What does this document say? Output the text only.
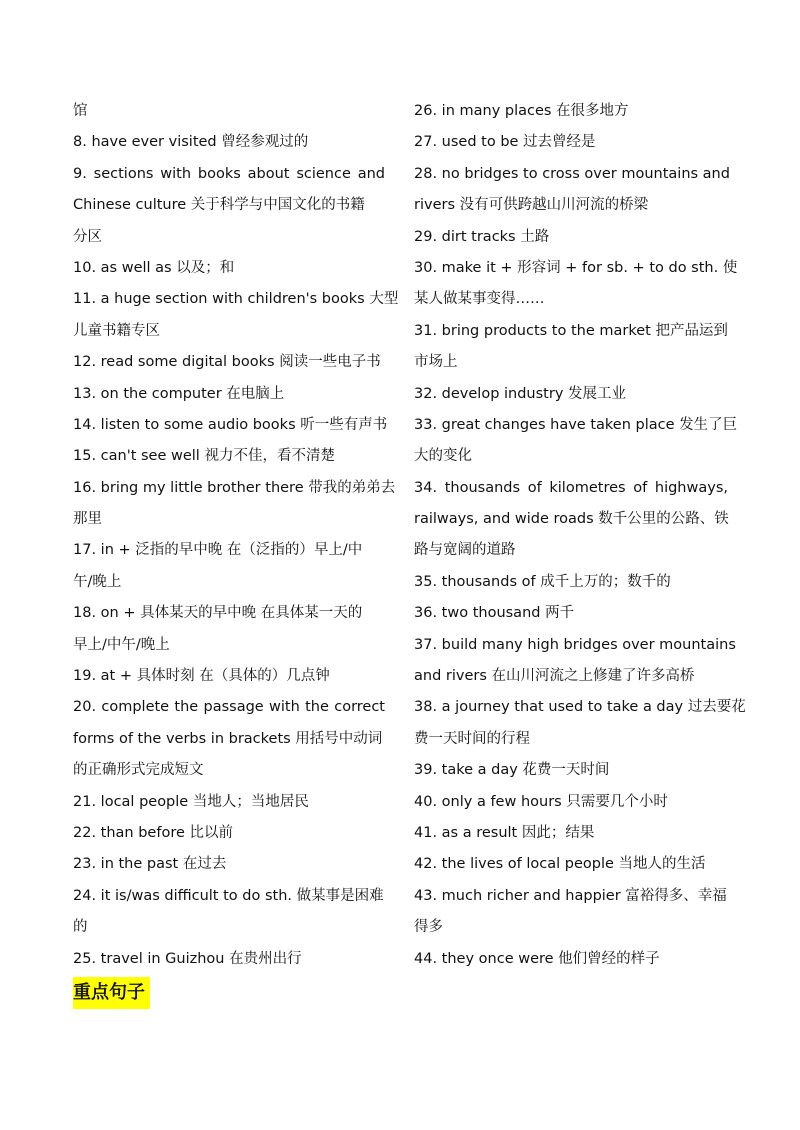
馆
8. have ever visited 曾经参观过的
9. sections with books about science and
Chinese culture 关于科学与中国文化的书籍
分区
10. as well as 以及；和
11. a huge section with children's books 大型
儿童书籍专区
12. read some digital books 阅读一些电子书
13. on the computer 在电脑上
14. listen to some audio books 听一些有声书
15. can't see well 视力不佳，看不清楚
16. bring my little brother there 带我的弟弟去
那里
17. in + 泛指的早中晚 在（泛指的）早上/中
午/晚上
18. on + 具体某天的早中晚 在具体某一天的
早上/中午/晚上
19. at + 具体时刻 在（具体的）几点钟
20. complete the passage with the correct
forms of the verbs in brackets 用括号中动词
的正确形式完成短文
21. local people 当地人；当地居民
22. than before 比以前
23. in the past 在过去
24. it is/was difficult to do sth. 做某事是困难
的
25. travel in Guizhou 在贵州出行
26. in many places 在很多地方
27. used to be 过去曾经是
28. no bridges to cross over mountains and
rivers 没有可供跨越山川河流的桥梁
29. dirt tracks 土路
30. make it + 形容词 + for sb. + to do sth. 使
某人做某事变得……
31. bring products to the market 把产品运到
市场上
32. develop industry 发展工业
33. great changes have taken place 发生了巨
大的变化
34. thousands of kilometres of highways,
railways, and wide roads 数千公里的公路、铁
路与宽阔的道路
35. thousands of 成千上万的；数千的
36. two thousand 两千
37. build many high bridges over mountains
and rivers 在山川河流之上修建了许多高桥
38. a journey that used to take a day 过去要花
费一天时间的行程
39. take a day 花费一天时间
40. only a few hours 只需要几个小时
41. as a result 因此；结果
42. the lives of local people 当地人的生活
43. much richer and happier 富裕得多、幸福
得多
44. they once were 他们曾经的样子
重点句子
